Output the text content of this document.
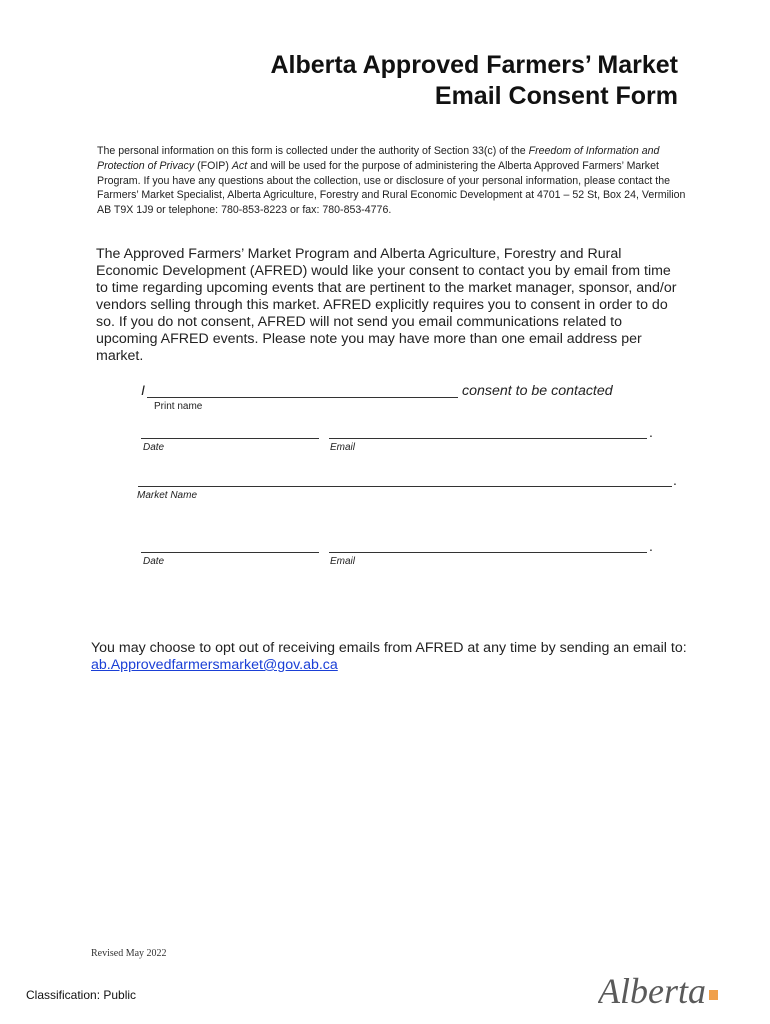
Alberta Approved Farmers’ Market
Email Consent Form
The personal information on this form is collected under the authority of Section 33(c) of the Freedom of Information and Protection of Privacy (FOIP) Act and will be used for the purpose of administering the Alberta Approved Farmers’ Market Program. If you have any questions about the collection, use or disclosure of your personal information, please contact the Farmers’ Market Specialist, Alberta Agriculture, Forestry and Rural Economic Development at 4701 – 52 St, Box 24, Vermilion AB T9X 1J9 or telephone: 780-853-8223 or fax: 780-853-4776.
The Approved Farmers’ Market Program and Alberta Agriculture, Forestry and Rural Economic Development (AFRED) would like your consent to contact you by email from time to time regarding upcoming events that are pertinent to the market manager, sponsor, and/or vendors selling through this market. AFRED explicitly requires you to consent in order to do so. If you do not consent, AFRED will not send you email communications related to upcoming AFRED events. Please note you may have more than one email address per market.
I	consent to be contacted
Print name
.
Date	Email
.
Market Name
.
Date	Email
You may choose to opt out of receiving emails from AFRED at any time by sending an email to: ab.Approvedfarmersmarket@gov.ab.ca
Revised May 2022
Classification: Public	Alberta
